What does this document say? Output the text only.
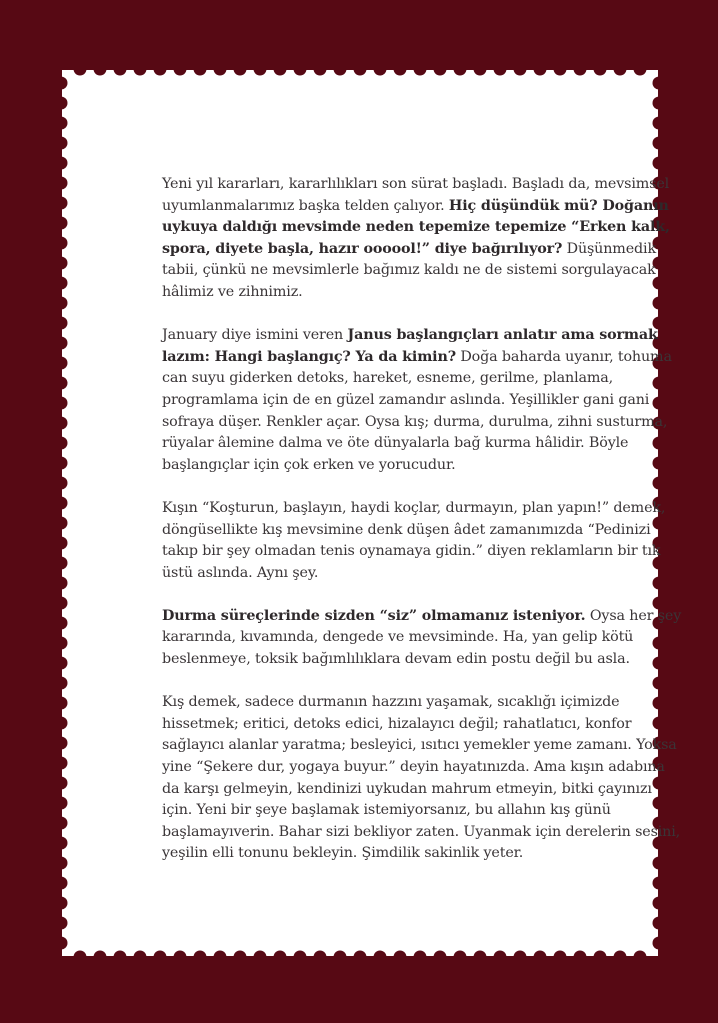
Yeni yıl kararları, kararlılıkları son sürat başladı. Başladı da, mevsimsel uyumlanmalarımız başka telden çalıyor. Hiç düşündük mü? Doğanın uykuya daldığı mevsimde neden tepemize tepemize “Erken kalk, spora, diyete başla, hazır oooool!” diye bağırılıyor? Düşünmedik tabii, çünkü ne mevsimlerle bağımız kaldı ne de sistemi sorgulayacak hâlimiz ve zihnimiz.

January diye ismini veren Janus başlangıçları anlatır ama sormak lazım: Hangi başlangıç? Ya da kimin? Doğa baharda uyanır, tohuma can suyu giderken detoks, hareket, esneme, gerilme, planlama, programlama için de en güzel zamandır aslında. Yeşillikler gani gani sofraya düşer. Renkler açar. Oysa kış; durma, durulma, zihni susturma, rüyalar âlemine dalma ve öte dünyalarla bağ kurma hâlidir. Böyle başlangıçlar için çok erken ve yorucudur.

Kışın “Koşturun, başlayın, haydi koçlar, durmayın, plan yapın!” demek, döngüsellikte kış mevsimine denk düşen âdet zamanımızda “Pedinizi takıp bir şey olmadan tenis oynamaya gidin.” diyen reklamların bir tık üstü aslında. Aynı şey.

Durma süreçlerinde sizden “siz” olmamanız isteniyor. Oysa her şey kararında, kıvamında, dengede ve mevsiminde. Ha, yan gelip kötü beslenmeye, toksik bağımlılıklara devam edin postu değil bu asla.

Kış demek, sadece durmanın hazzını yaşamak, sıcaklığı içimizde hissetmek; eritici, detoks edici, hizalayıcı değil; rahatlatıcı, konfor sağlayıcı alanlar yaratma; besleyici, ısıtıcı yemekler yeme zamanı. Yoksa yine “Şekere dur, yogaya buyur.” deyin hayatınızda. Ama kışın adabına da karşı gelmeyin, kendinizi uykudan mahrum etmeyin, bitki çayınızı için. Yeni bir şeye başlamak istemiyorsanız, bu allahın kış günü başlamayıverin. Bahar sizi bekliyor zaten. Uyanmak için derelerin sesini, yeşilin elli tonunu bekleyin. Şimdilik sakinlik yeter.
